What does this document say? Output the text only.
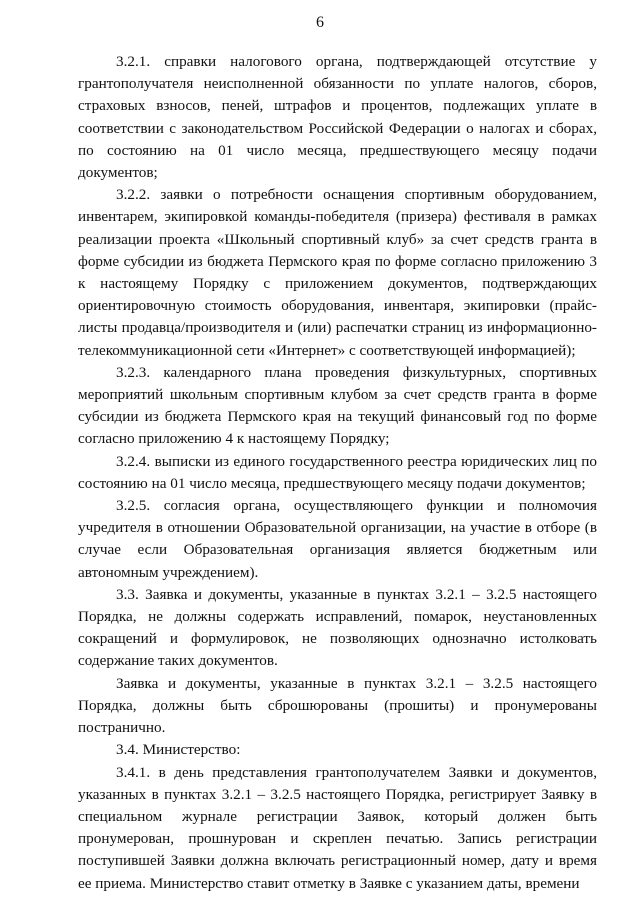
6

3.2.1. справки налогового органа, подтверждающей отсутствие у грантополучателя неисполненной обязанности по уплате налогов, сборов, страховых взносов, пеней, штрафов и процентов, подлежащих уплате в соответствии с законодательством Российской Федерации о налогах и сборах, по состоянию на 01 число месяца, предшествующего месяцу подачи документов;

3.2.2. заявки о потребности оснащения спортивным оборудованием, инвентарем, экипировкой команды-победителя (призера) фестиваля в рамках реализации проекта «Школьный спортивный клуб» за счет средств гранта в форме субсидии из бюджета Пермского края по форме согласно приложению 3 к настоящему Порядку с приложением документов, подтверждающих ориентировочную стоимость оборудования, инвентаря, экипировки (прайс-листы продавца/производителя и (или) распечатки страниц из информационно-телекоммуникационной сети «Интернет» с соответствующей информацией);

3.2.3. календарного плана проведения физкультурных, спортивных мероприятий школьным спортивным клубом за счет средств гранта в форме субсидии из бюджета Пермского края на текущий финансовый год по форме согласно приложению 4 к настоящему Порядку;

3.2.4. выписки из единого государственного реестра юридических лиц по состоянию на 01 число месяца, предшествующего месяцу подачи документов;

3.2.5. согласия органа, осуществляющего функции и полномочия учредителя в отношении Образовательной организации, на участие в отборе (в случае если Образовательная организация является бюджетным или автономным учреждением).

3.3. Заявка и документы, указанные в пунктах 3.2.1 – 3.2.5 настоящего Порядка, не должны содержать исправлений, помарок, неустановленных сокращений и формулировок, не позволяющих однозначно истолковать содержание таких документов.

Заявка и документы, указанные в пунктах 3.2.1 – 3.2.5 настоящего Порядка, должны быть сброшюрованы (прошиты) и пронумерованы постранично.

3.4. Министерство:

3.4.1. в день представления грантополучателем Заявки и документов, указанных в пунктах 3.2.1 – 3.2.5 настоящего Порядка, регистрирует Заявку в специальном журнале регистрации Заявок, который должен быть пронумерован, прошнурован и скреплен печатью. Запись регистрации поступившей Заявки должна включать регистрационный номер, дату и время ее приема. Министерство ставит отметку в Заявке с указанием даты, времени
